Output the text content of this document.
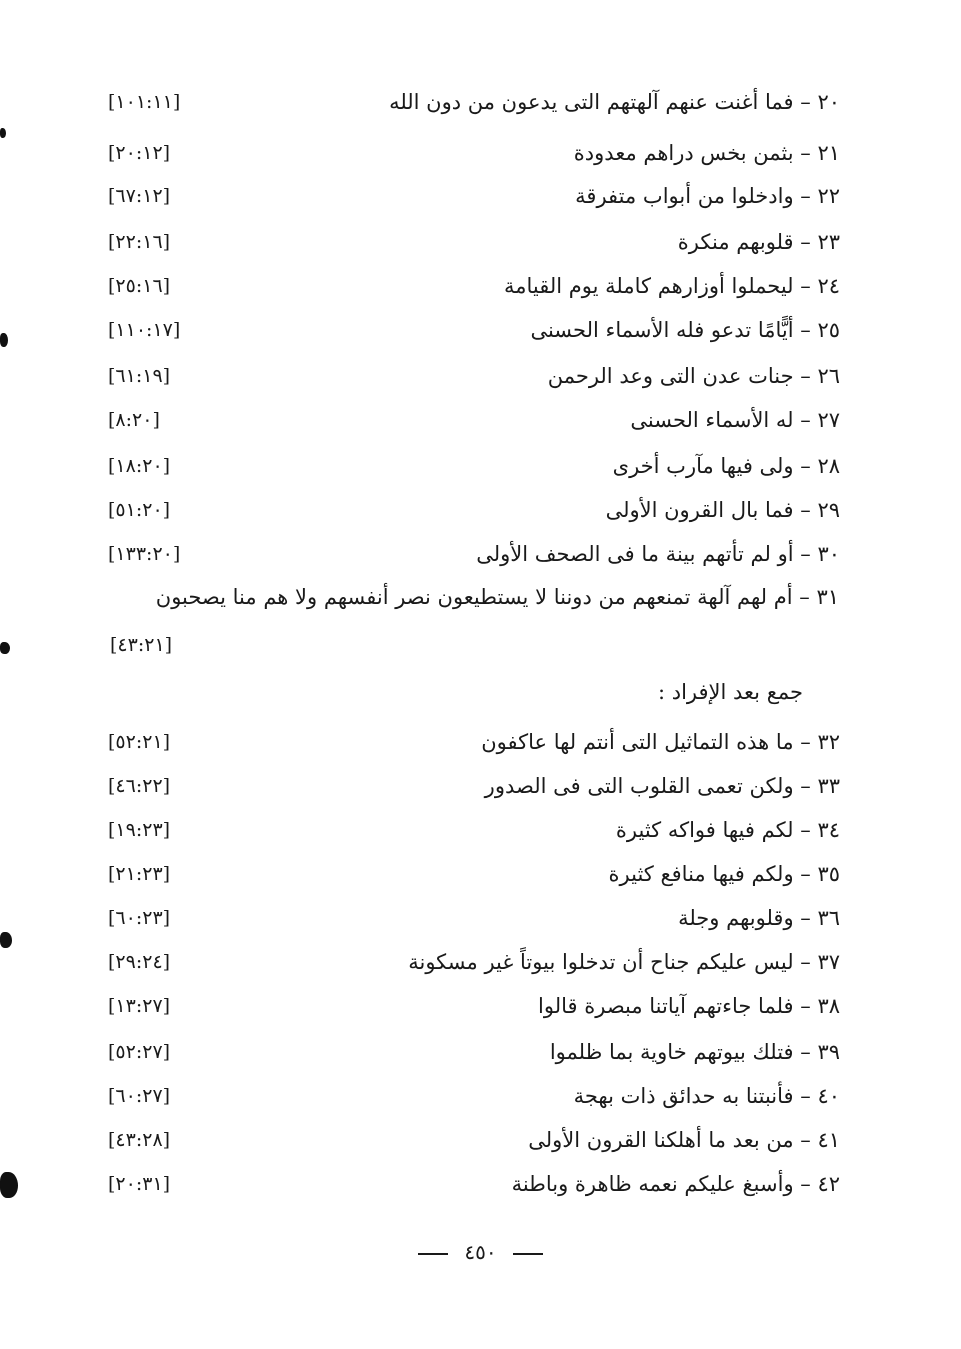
٢٠ – فما أغنت عنهم آلهتهم التى يدعون من دون الله
[١٠١:١١]
٢١ – بثمن بخس دراهم معدودة
[٢٠:١٢]
٢٢ – وادخلوا من أبواب متفرقة
[٦٧:١٢]
٢٣ – قلوبهم منكرة
[٢٢:١٦]
٢٤ – ليحملوا أوزارهم كاملة يوم القيامة
[٢٥:١٦]
٢٥ – أيًّامًا تدعو فله الأسماء الحسنى
[١١٠:١٧]
٢٦ – جنات عدن التى وعد الرحمن
[٦١:١٩]
٢٧ – له الأسماء الحسنى
[٨:٢٠]
٢٨ – ولى فيها مآرب أخرى
[١٨:٢٠]
٢٩ – فما بال القرون الأولى
[٥١:٢٠]
٣٠ – أو لم تأتهم بينة ما فى الصحف الأولى
[١٣٣:٢٠]
٣١ – أم لهم آلهة تمنعهم من دوننا لا يستطيعون نصر أنفسهم ولا هم منا يصحبون
[٤٣:٢١]
جمع بعد الإفراد :
٣٢ – ما هذه التماثيل التى أنتم لها عاكفون
[٥٢:٢١]
٣٣ – ولكن تعمى القلوب التى فى الصدور
[٤٦:٢٢]
٣٤ – لكم فيها فواكه كثيرة
[١٩:٢٣]
٣٥ – ولكم فيها منافع كثيرة
[٢١:٢٣]
٣٦ – وقلوبهم وجلة
[٦٠:٢٣]
٣٧ – ليس عليكم جناح أن تدخلوا بيوتاً غير مسكونة
[٢٩:٢٤]
٣٨ – فلما جاءتهم آياتنا مبصرة قالوا
[١٣:٢٧]
٣٩ – فتلك بيوتهم خاوية بما ظلموا
[٥٢:٢٧]
٤٠ – فأنبتنا به حدائق ذات بهجة
[٦٠:٢٧]
٤١ – من بعد ما أهلكنا القرون الأولى
[٤٣:٢٨]
٤٢ – وأسبغ عليكم نعمه ظاهرة وباطنة
[٢٠:٣١]
٤٥٠
